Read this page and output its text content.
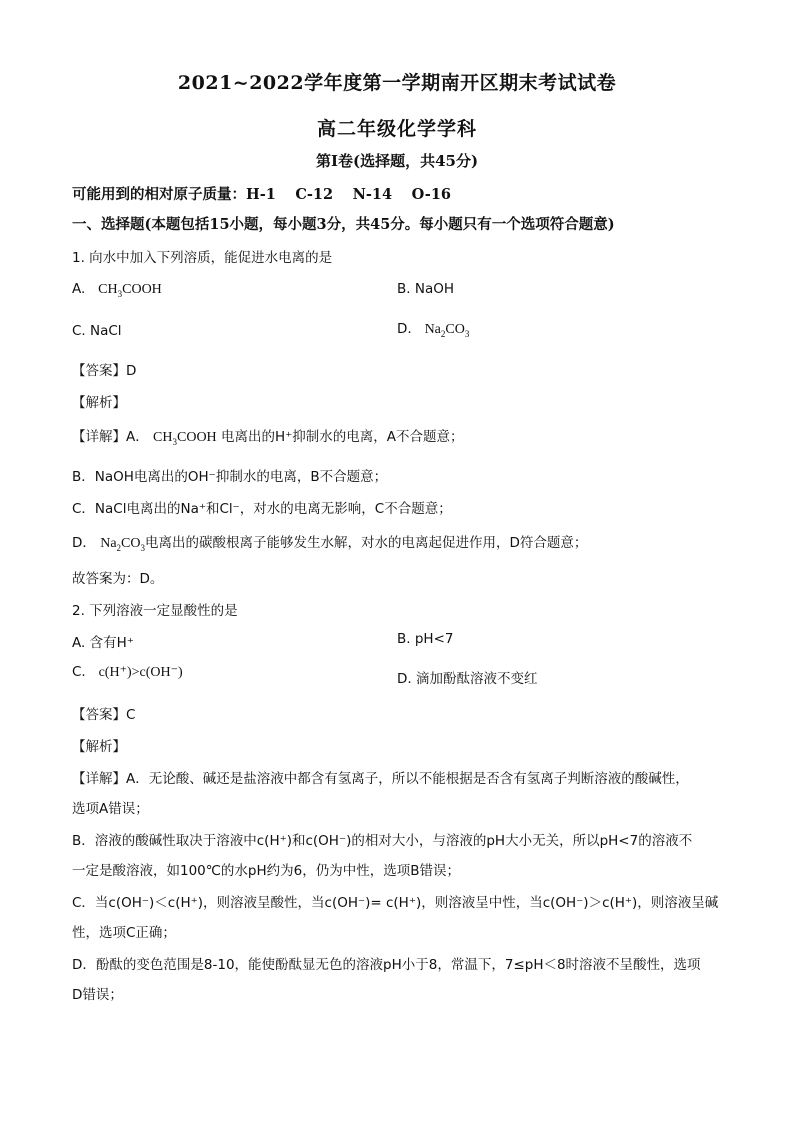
2021~2022学年度第一学期南开区期末考试试卷
高二年级化学学科
第Ⅰ卷(选择题，共45分)
可能用到的相对原子质量：H-1　 C-12　 N-14　 O-16
一、选择题(本题包括15小题，每小题3分，共45分。每小题只有一个选项符合题意)
1. 向水中加入下列溶质，能促进水电离的是
A. $CH_3COOH$	B. NaOH
C. NaCl	D. $Na_2CO_3$
【答案】D
【解析】
【详解】A． $CH_3COOH$ 电离出的H⁺抑制水的电离，A不合题意；
B．NaOH电离出的OH⁻抑制水的电离，B不合题意；
C．NaCl电离出的Na⁺和Cl⁻，对水的电离无影响，C不合题意；
D． $Na_2CO_3$电离出的碳酸根离子能够发生水解，对水的电离起促进作用，D符合题意；
故答案为：D。
2. 下列溶液一定显酸性的是
A. 含有H⁺	B. pH<7
C. c(H⁺)>c(OH⁻)	D. 滴加酚酞溶液不变红
【答案】C
【解析】
【详解】A．无论酸、碱还是盐溶液中都含有氢离子，所以不能根据是否含有氢离子判断溶液的酸碱性，
选项A错误；
B．溶液的酸碱性取决于溶液中c(H⁺)和c(OH⁻)的相对大小，与溶液的pH大小无关，所以pH<7的溶液不
一定是酸溶液，如100℃的水pH约为6，仍为中性，选项B错误；
C．当c(OH⁻)＜c(H⁺)，则溶液呈酸性，当c(OH⁻)= c(H⁺)，则溶液呈中性，当c(OH⁻)＞c(H⁺)，则溶液呈碱
性，选项C正确；
D．酚酞的变色范围是8-10，能使酚酞显无色的溶液pH小于8，常温下，7≤pH＜8时溶液不呈酸性，选项
D错误；
